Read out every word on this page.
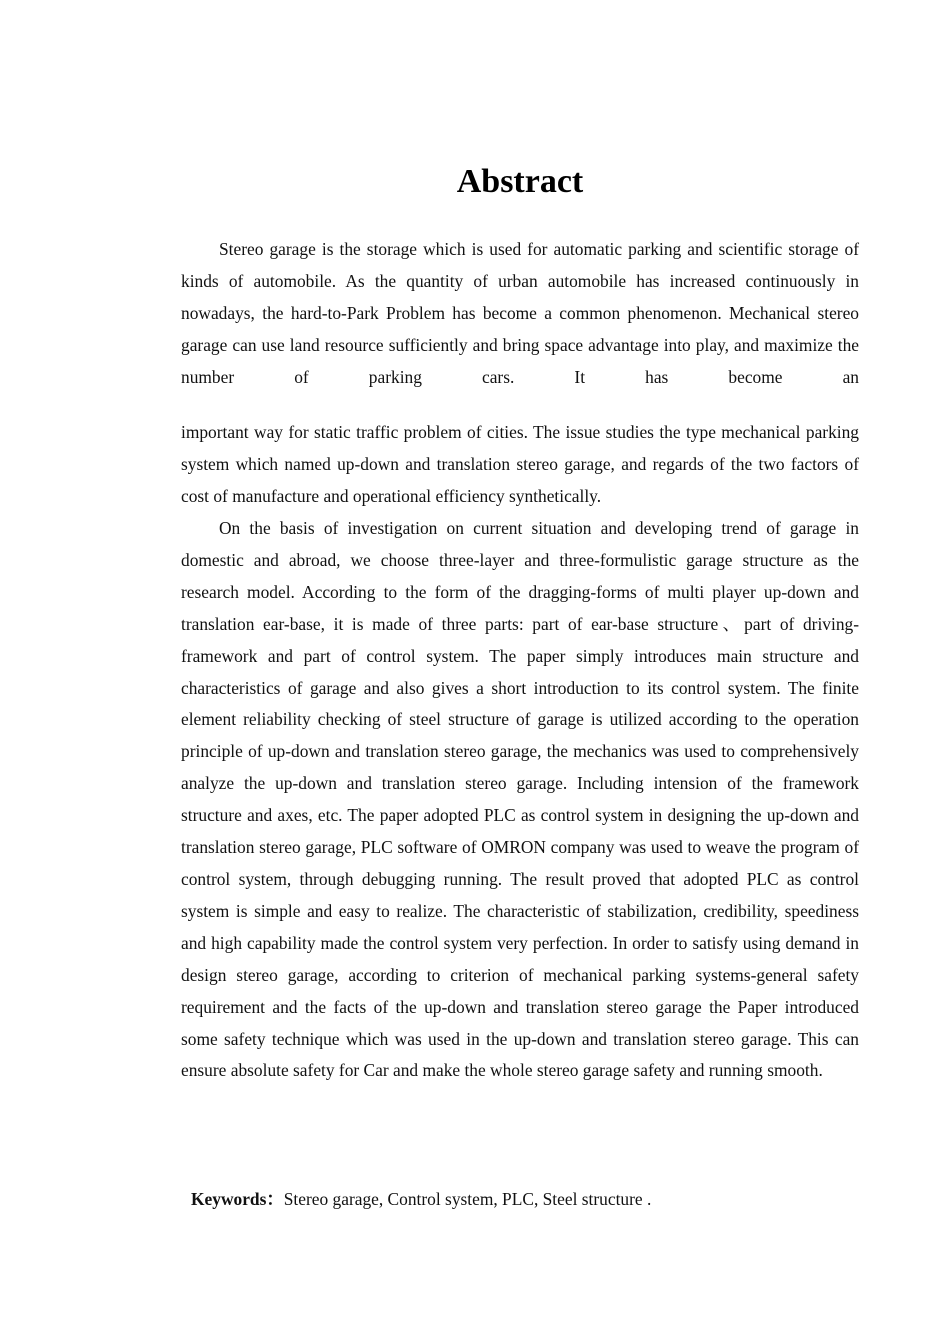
Abstract

Stereo garage is the storage which is used for automatic parking and scientific storage of kinds of automobile. As the quantity of urban automobile has increased continuously in nowadays, the hard-to-Park Problem has become a common phenomenon. Mechanical stereo garage can use land resource sufficiently and bring space advantage into play, and maximize the number of parking cars. It has become an

important way for static traffic problem of cities. The issue studies the type mechanical parking system which named up-down and translation stereo garage, and regards of the two factors of cost of manufacture and operational efficiency synthetically.

On the basis of investigation on current situation and developing trend of garage in domestic and abroad, we choose three-layer and three-formulistic garage structure as the research model. According to the form of the dragging-forms of multi player up-down and translation ear-base, it is made of three parts: part of ear-base structure、part of driving-framework and part of control system. The paper simply introduces main structure and characteristics of garage and also gives a short introduction to its control system. The finite element reliability checking of steel structure of garage is utilized according to the operation principle of up-down and translation stereo garage, the mechanics was used to comprehensively analyze the up-down and translation stereo garage. Including intension of the framework structure and axes, etc. The paper adopted PLC as control system in designing the up-down and translation stereo garage, PLC software of OMRON company was used to weave the program of control system, through debugging running. The result proved that adopted PLC as control system is simple and easy to realize. The characteristic of stabilization, credibility, speediness and high capability made the control system very perfection. In order to satisfy using demand in design stereo garage, according to criterion of mechanical parking systems-general safety requirement and the facts of the up-down and translation stereo garage the Paper introduced some safety technique which was used in the up-down and translation stereo garage. This can ensure absolute safety for Car and make the whole stereo garage safety and running smooth.

Keywords：Stereo garage, Control system, PLC, Steel structure .
